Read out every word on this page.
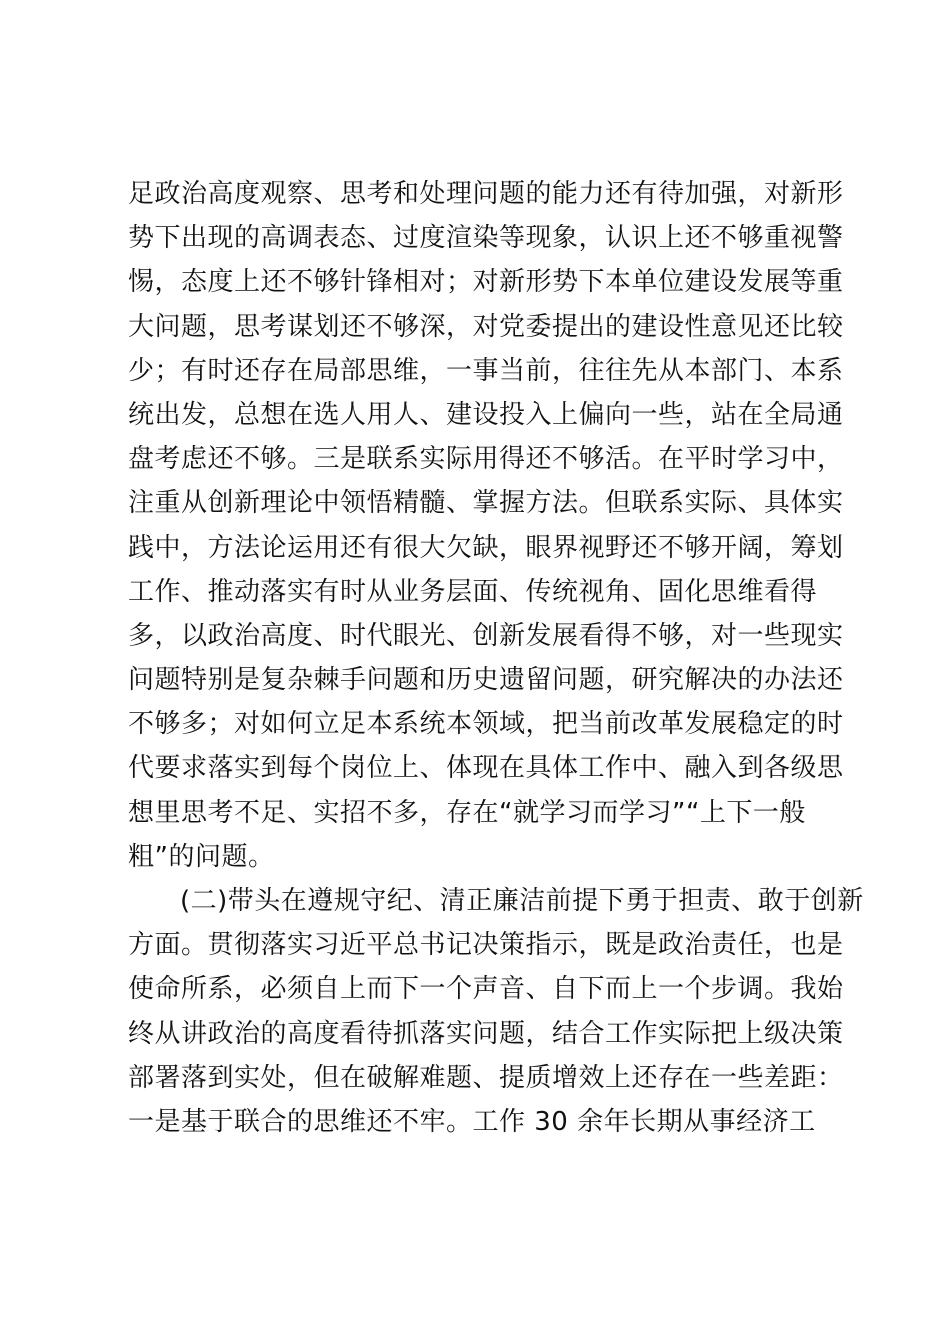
足政治高度观察、思考和处理问题的能力还有待加强，对新形
势下出现的高调表态、过度渲染等现象，认识上还不够重视警
惕，态度上还不够针锋相对；对新形势下本单位建设发展等重
大问题，思考谋划还不够深，对党委提出的建设性意见还比较
少；有时还存在局部思维，一事当前，往往先从本部门、本系
统出发，总想在选人用人、建设投入上偏向一些，站在全局通
盘考虑还不够。三是联系实际用得还不够活。在平时学习中，
注重从创新理论中领悟精髓、掌握方法。但联系实际、具体实
践中，方法论运用还有很大欠缺，眼界视野还不够开阔，筹划
工作、推动落实有时从业务层面、传统视角、固化思维看得
多，以政治高度、时代眼光、创新发展看得不够，对一些现实
问题特别是复杂棘手问题和历史遗留问题，研究解决的办法还
不够多；对如何立足本系统本领域，把当前改革发展稳定的时
代要求落实到每个岗位上、体现在具体工作中、融入到各级思
想里思考不足、实招不多，存在“就学习而学习”“上下一般
粗”的问题。
(二)带头在遵规守纪、清正廉洁前提下勇于担责、敢于创新
方面。贯彻落实习近平总书记决策指示，既是政治责任，也是
使命所系，必须自上而下一个声音、自下而上一个步调。我始
终从讲政治的高度看待抓落实问题，结合工作实际把上级决策
部署落到实处，但在破解难题、提质增效上还存在一些差距：
一是基于联合的思维还不牢。工作 30 余年长期从事经济工
